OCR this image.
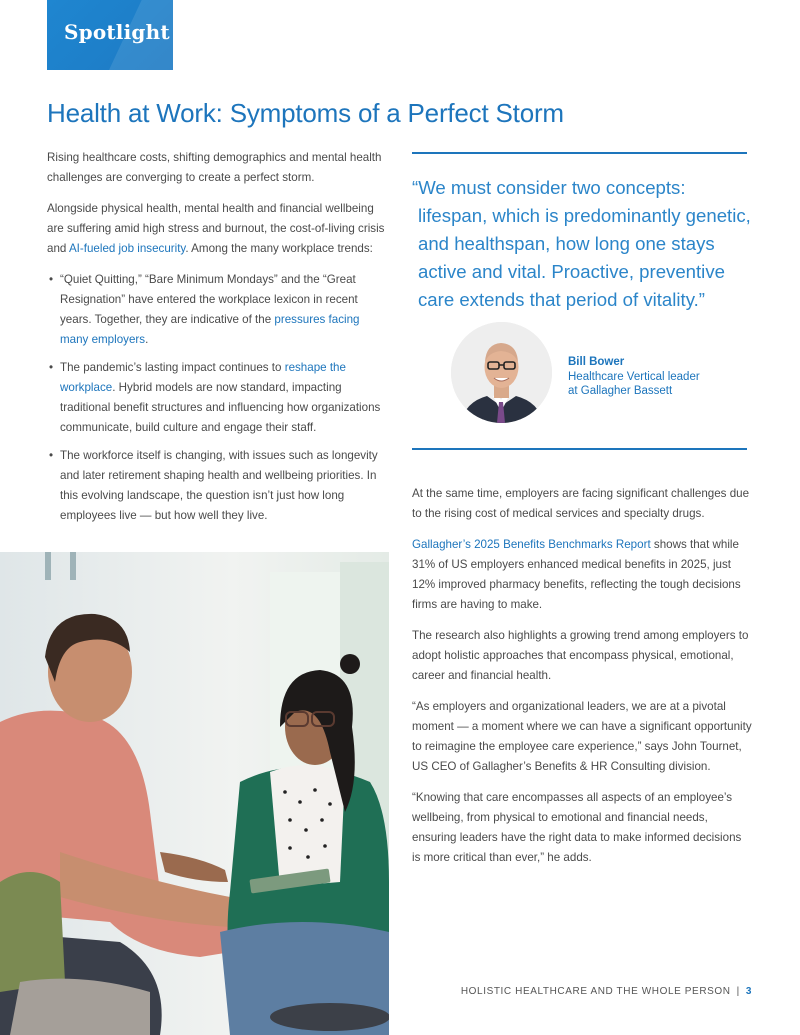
Spotlight
Health at Work: Symptoms of a Perfect Storm

Rising healthcare costs, shifting demographics and mental health challenges are converging to create a perfect storm.

Alongside physical health, mental health and financial wellbeing are suffering amid high stress and burnout, the cost-of-living crisis and AI-fueled job insecurity. Among the many workplace trends:

• “Quiet Quitting,” “Bare Minimum Mondays” and the “Great Resignation” have entered the workplace lexicon in recent years. Together, they are indicative of the pressures facing many employers.
• The pandemic’s lasting impact continues to reshape the workplace. Hybrid models are now standard, impacting traditional benefit structures and influencing how organizations communicate, build culture and engage their staff.
• The workforce itself is changing, with issues such as longevity and later retirement shaping health and wellbeing priorities. In this evolving landscape, the question isn’t just how long employees live — but how well they live.
“We must consider two concepts:
lifespan, which is predominantly genetic,
and healthspan, how long one stays
active and vital. Proactive, preventive
care extends that period of vitality.”
Bill Bower
Healthcare Vertical leader
at Gallagher Bassett

At the same time, employers are facing significant challenges due to the rising cost of medical services and specialty drugs.

Gallagher’s 2025 Benefits Benchmarks Report shows that while 31% of US employers enhanced medical benefits in 2025, just 12% improved pharmacy benefits, reflecting the tough decisions firms are having to make.

The research also highlights a growing trend among employers to adopt holistic approaches that encompass physical, emotional, career and financial health.

“As employers and organizational leaders, we are at a pivotal moment — a moment where we can have a significant opportunity to reimagine the employee care experience,” says John Tournet, US CEO of Gallagher’s Benefits & HR Consulting division.

“Knowing that care encompasses all aspects of an employee’s wellbeing, from physical to emotional and financial needs, ensuring leaders have the right data to make informed decisions is more critical than ever,” he adds.

HOLISTIC HEALTHCARE AND THE WHOLE PERSON | 3
